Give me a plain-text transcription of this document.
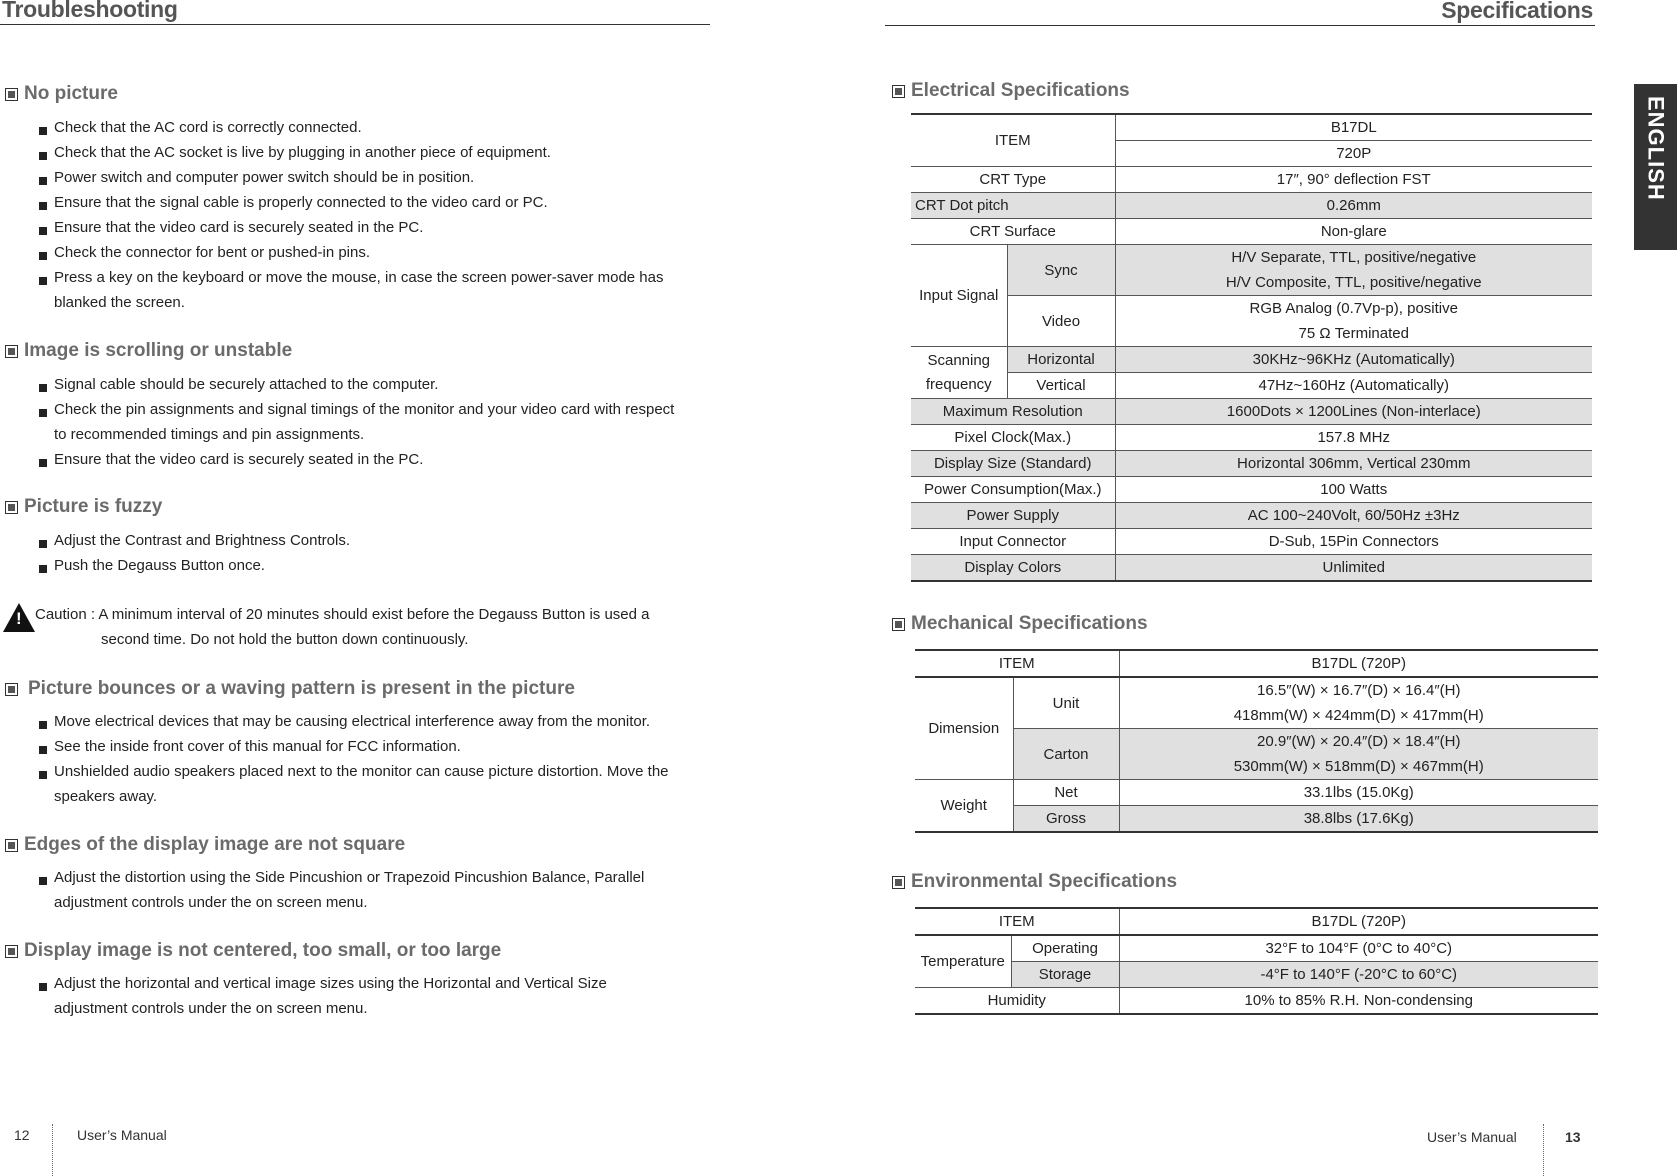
Troubleshooting
No picture
Check that the AC cord is correctly connected.
Check that the AC socket is live by plugging in another piece of equipment.
Power switch and computer power switch should be in position.
Ensure that the signal cable is properly connected to the video card or PC.
Ensure that the video card is securely seated in the PC.
Check the connector for bent or pushed-in pins.
Press a key on the keyboard or move the mouse, in case the screen power-saver mode has blanked the screen.
Image is scrolling or unstable
Signal cable should be securely attached to the computer.
Check the pin assignments and signal timings of the monitor and your video card with respect to recommended timings and pin assignments.
Ensure that the video card is securely seated in the PC.
Picture is fuzzy
Adjust the Contrast and Brightness Controls.
Push the Degauss Button once.
! Caution : A minimum interval of 20 minutes should exist before the Degauss Button is used a
second time. Do not hold the button down continuously.
Picture bounces or a waving pattern is present in the picture
Move electrical devices that may be causing electrical interference away from the monitor.
See the inside front cover of this manual for FCC information.
Unshielded audio speakers placed next to the monitor can cause picture distortion. Move the speakers away.
Edges of the display image are not square
Adjust the distortion using the Side Pincushion or Trapezoid Pincushion Balance, Parallel adjustment controls under the on screen menu.
Display image is not centered, too small, or too large
Adjust the horizontal and vertical image sizes using the Horizontal and Vertical Size adjustment controls under the on screen menu.
12	User’s Manual
Specifications
ENGLISH
Electrical Specifications
ITEM		B17DL
		720P
CRT Type		17″, 90° deflection FST
CRT Dot pitch		0.26mm
CRT Surface		Non-glare
Input Signal	Sync	H/V Separate, TTL, positive/negative
		H/V Composite, TTL, positive/negative
	Video	RGB Analog (0.7Vp-p), positive
		75 Ω Terminated
Scanning frequency	Horizontal	30KHz~96KHz (Automatically)
	Vertical	47Hz~160Hz (Automatically)
Maximum Resolution		1600Dots × 1200Lines (Non-interlace)
Pixel Clock(Max.)		157.8 MHz
Display Size (Standard)		Horizontal 306mm, Vertical 230mm
Power Consumption(Max.)		100 Watts
Power Supply		AC 100~240Volt, 60/50Hz ±3Hz
Input Connector		D-Sub, 15Pin Connectors
Display Colors		Unlimited
Mechanical Specifications
ITEM		B17DL (720P)
Dimension	Unit	16.5″(W) × 16.7″(D) × 16.4″(H)
		418mm(W) × 424mm(D) × 417mm(H)
	Carton	20.9″(W) × 20.4″(D) × 18.4″(H)
		530mm(W) × 518mm(D) × 467mm(H)
Weight	Net	33.1lbs (15.0Kg)
	Gross	38.8lbs (17.6Kg)
Environmental Specifications
ITEM		B17DL (720P)
Temperature	Operating	32°F to 104°F (0°C to 40°C)
	Storage	-4°F to 140°F (-20°C to 60°C)
Humidity		10% to 85% R.H. Non-condensing
User’s Manual	13
